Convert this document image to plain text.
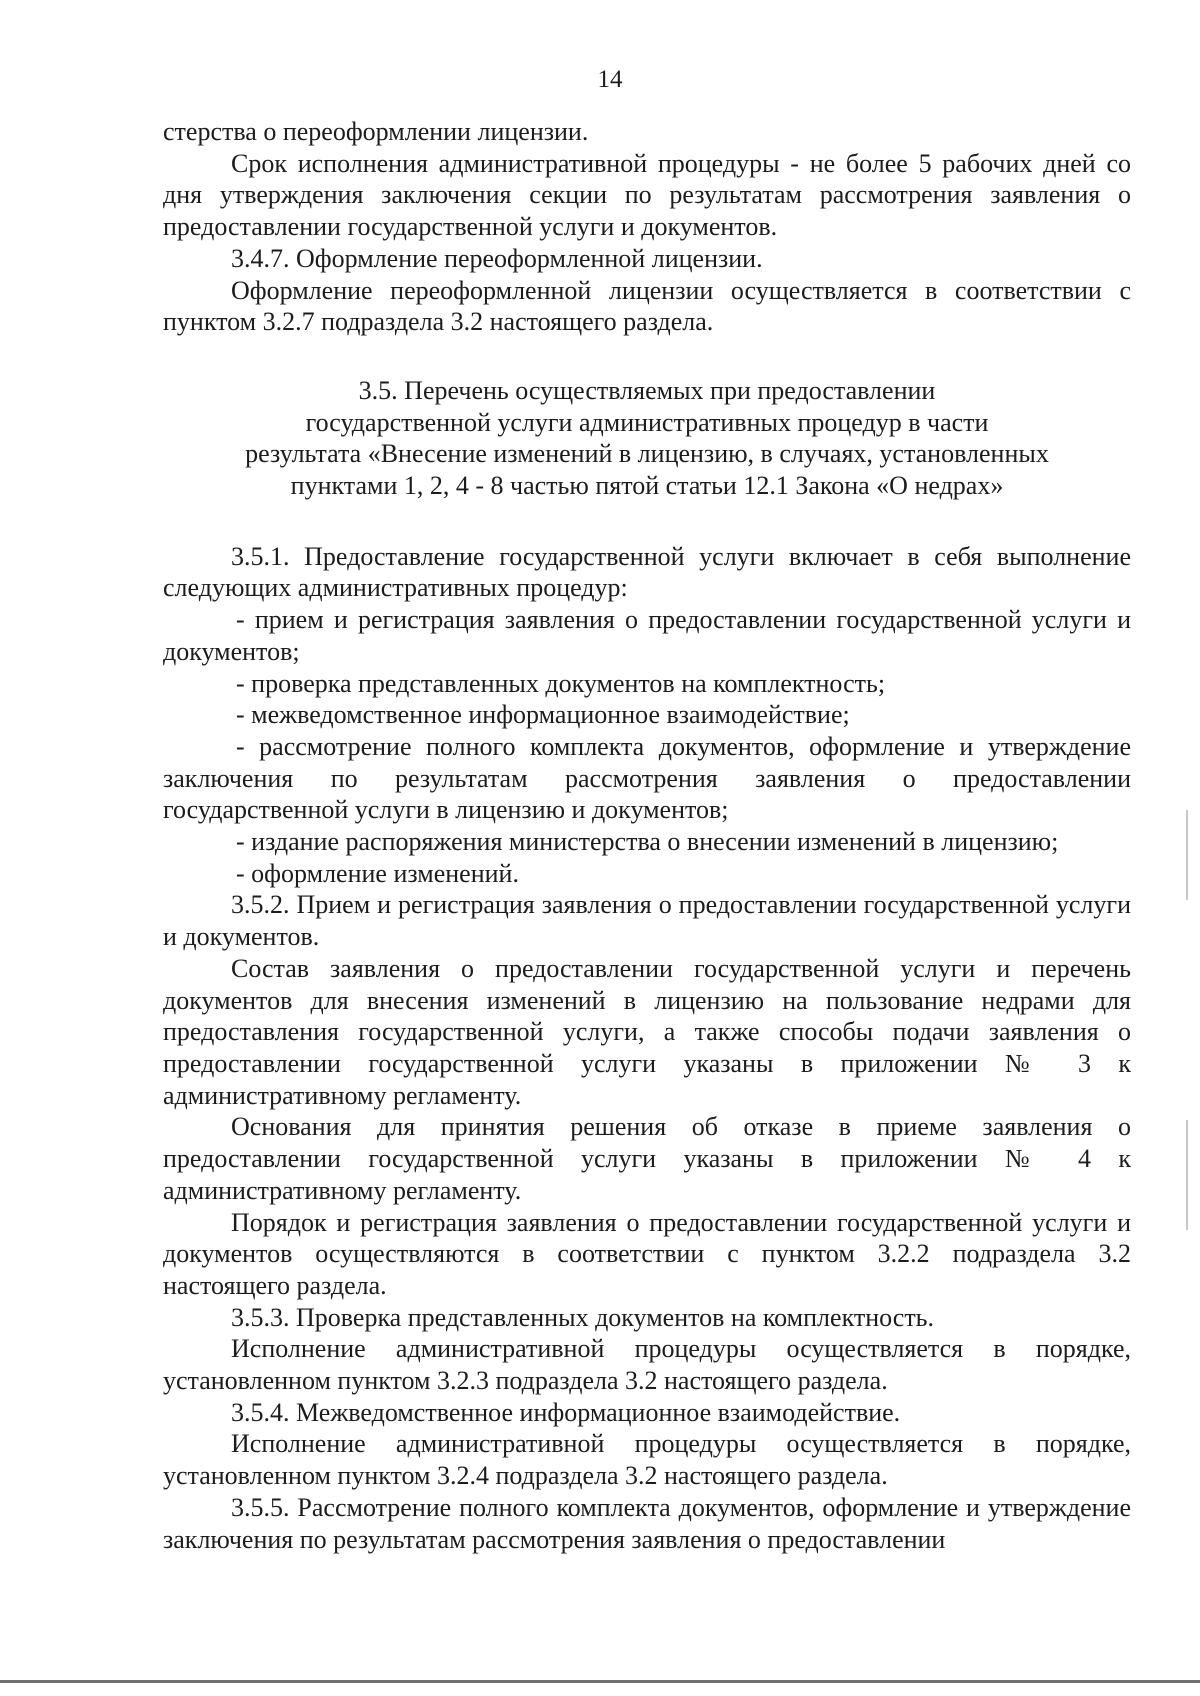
14

стерства о переоформлении лицензии.

Срок исполнения административной процедуры - не более 5 рабочих дней со дня утверждения заключения секции по результатам рассмотрения заявления о предоставлении государственной услуги и документов.

3.4.7. Оформление переоформленной лицензии.

Оформление переоформленной лицензии осуществляется в соответствии с пунктом 3.2.7 подраздела 3.2 настоящего раздела.

3.5. Перечень осуществляемых при предоставлении
государственной услуги административных процедур в части
результата «Внесение изменений в лицензию, в случаях, установленных
пунктами 1, 2, 4 - 8 частью пятой статьи 12.1 Закона «О недрах»

3.5.1. Предоставление государственной услуги включает в себя выполнение следующих административных процедур:

- прием и регистрация заявления о предоставлении государственной услуги и документов;

- проверка представленных документов на комплектность;

- межведомственное информационное взаимодействие;

- рассмотрение полного комплекта документов, оформление и утверждение заключения по результатам рассмотрения заявления о предоставлении государственной услуги в лицензию и документов;

- издание распоряжения министерства о внесении изменений в лицензию;

- оформление изменений.

3.5.2. Прием и регистрация заявления о предоставлении государственной услуги и документов.

Состав заявления о предоставлении государственной услуги и перечень документов для внесения изменений в лицензию на пользование недрами для предоставления государственной услуги, а также способы подачи заявления о предоставлении государственной услуги указаны в приложении № 3 к административному регламенту.

Основания для принятия решения об отказе в приеме заявления о предоставлении государственной услуги указаны в приложении № 4 к административному регламенту.

Порядок и регистрация заявления о предоставлении государственной услуги и документов осуществляются в соответствии с пунктом 3.2.2 подраздела 3.2 настоящего раздела.

3.5.3. Проверка представленных документов на комплектность.

Исполнение административной процедуры осуществляется в порядке, установленном пунктом 3.2.3 подраздела 3.2 настоящего раздела.

3.5.4. Межведомственное информационное взаимодействие.

Исполнение административной процедуры осуществляется в порядке, установленном пунктом 3.2.4 подраздела 3.2 настоящего раздела.

3.5.5. Рассмотрение полного комплекта документов, оформление и утверждение заключения по результатам рассмотрения заявления о предоставлении
